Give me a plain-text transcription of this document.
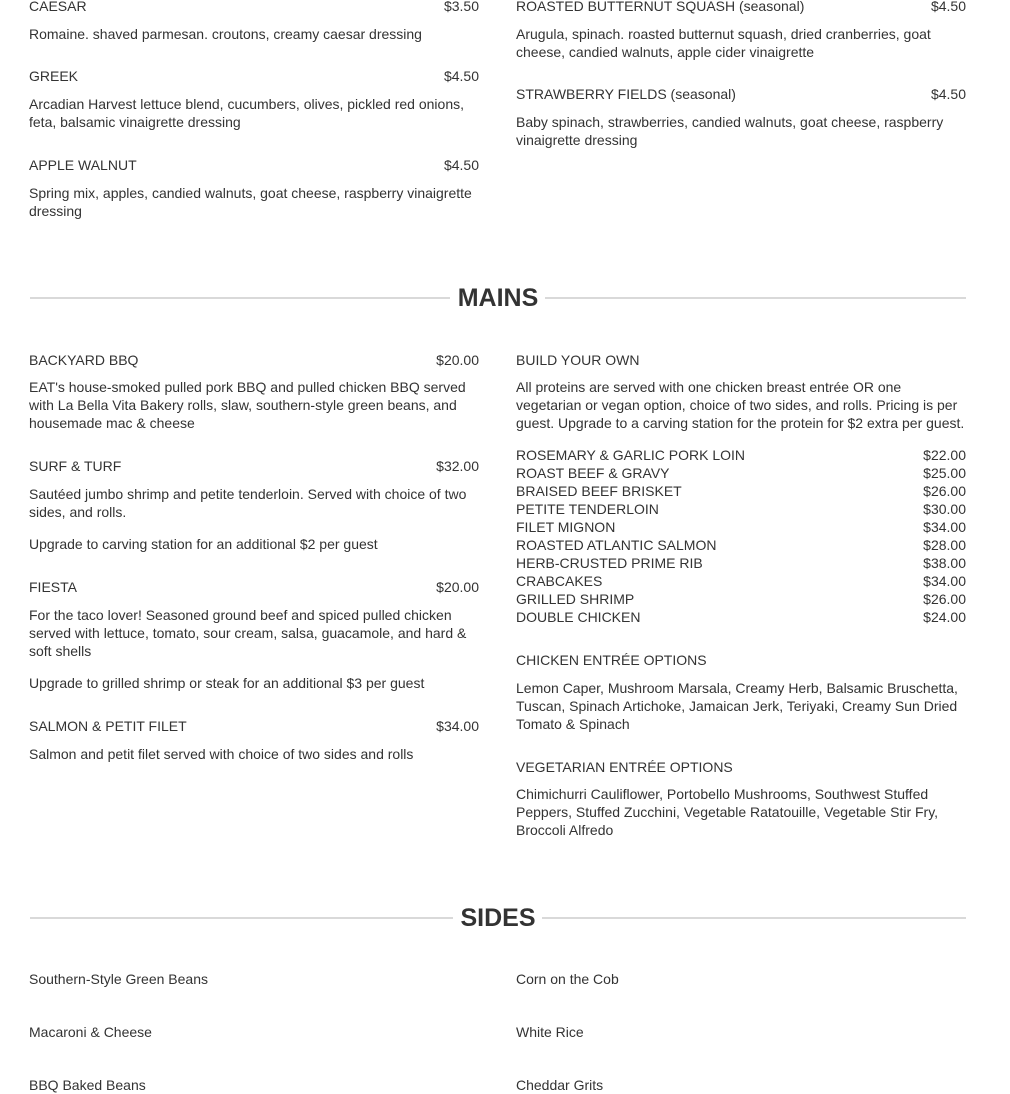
CAESAR	$3.50
Romaine. shaved parmesan. croutons, creamy caesar dressing
GREEK	$4.50
Arcadian Harvest lettuce blend, cucumbers, olives, pickled red onions, feta, balsamic vinaigrette dressing
APPLE WALNUT	$4.50
Spring mix, apples, candied walnuts, goat cheese, raspberry vinaigrette dressing
ROASTED BUTTERNUT SQUASH (seasonal)	$4.50
Arugula, spinach. roasted butternut squash, dried cranberries, goat cheese, candied walnuts, apple cider vinaigrette
STRAWBERRY FIELDS (seasonal)	$4.50
Baby spinach, strawberries, candied walnuts, goat cheese, raspberry vinaigrette dressing
MAINS
BACKYARD BBQ	$20.00
EAT's house-smoked pulled pork BBQ and pulled chicken BBQ served with La Bella Vita Bakery rolls, slaw, southern-style green beans, and housemade mac & cheese
SURF & TURF	$32.00
Sautéed jumbo shrimp and petite tenderloin. Served with choice of two sides, and rolls.
Upgrade to carving station for an additional $2 per guest
FIESTA	$20.00
For the taco lover! Seasoned ground beef and spiced pulled chicken served with lettuce, tomato, sour cream, salsa, guacamole, and hard & soft shells
Upgrade to grilled shrimp or steak for an additional $3 per guest
SALMON & PETIT FILET	$34.00
Salmon and petit filet served with choice of two sides and rolls
BUILD YOUR OWN
All proteins are served with one chicken breast entrée OR one vegetarian or vegan option, choice of two sides, and rolls. Pricing is per guest. Upgrade to a carving station for the protein for $2 extra per guest.
ROSEMARY & GARLIC PORK LOIN	$22.00
ROAST BEEF & GRAVY	$25.00
BRAISED BEEF BRISKET	$26.00
PETITE TENDERLOIN	$30.00
FILET MIGNON	$34.00
ROASTED ATLANTIC SALMON	$28.00
HERB-CRUSTED PRIME RIB	$38.00
CRABCAKES	$34.00
GRILLED SHRIMP	$26.00
DOUBLE CHICKEN	$24.00
CHICKEN ENTRÉE OPTIONS
Lemon Caper, Mushroom Marsala, Creamy Herb, Balsamic Bruschetta, Tuscan, Spinach Artichoke, Jamaican Jerk, Teriyaki, Creamy Sun Dried Tomato & Spinach
VEGETARIAN ENTRÉE OPTIONS
Chimichurri Cauliflower, Portobello Mushrooms, Southwest Stuffed Peppers, Stuffed Zucchini, Vegetable Ratatouille, Vegetable Stir Fry, Broccoli Alfredo
SIDES
Southern-Style Green Beans
Macaroni & Cheese
BBQ Baked Beans
Corn on the Cob
White Rice
Cheddar Grits
